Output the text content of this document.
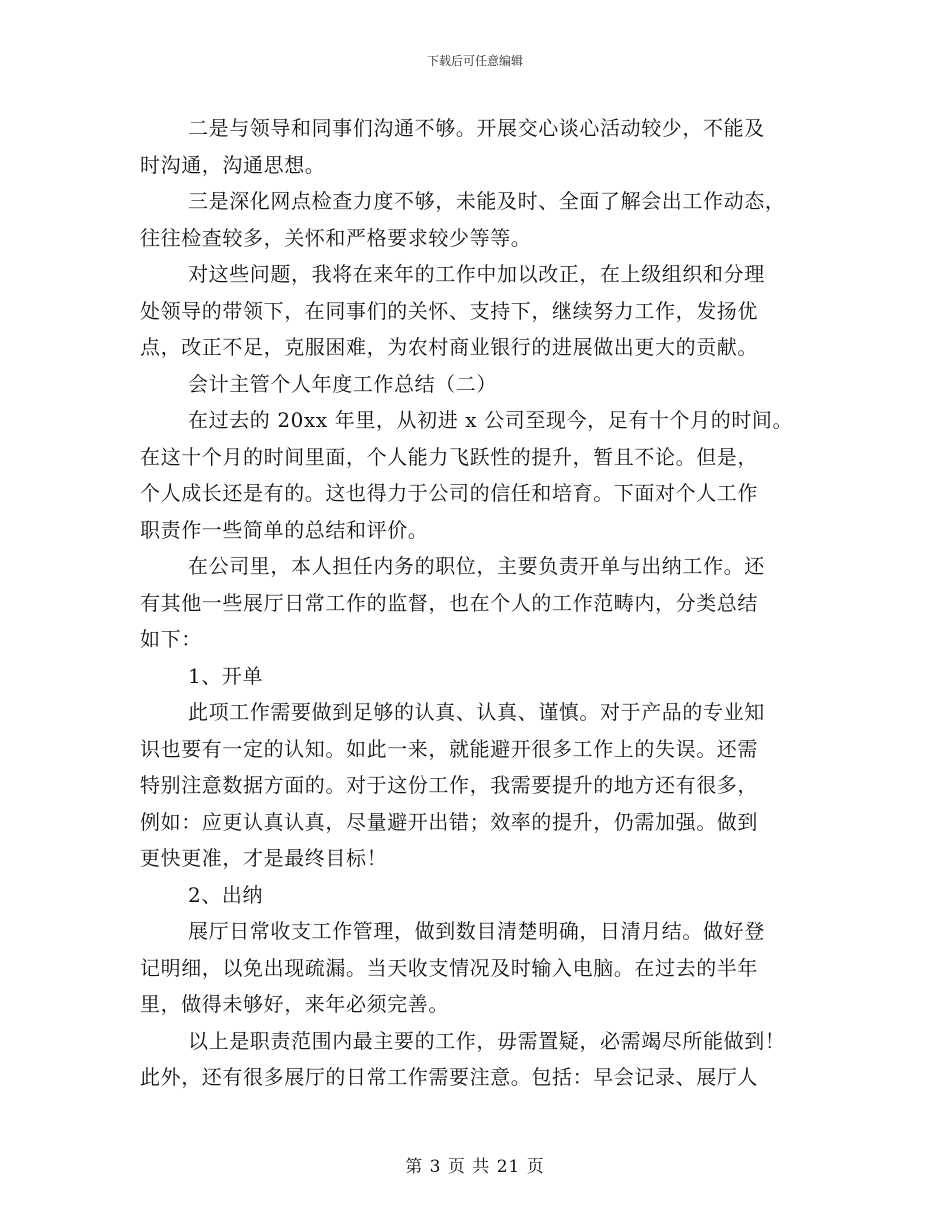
下载后可任意编辑
二是与领导和同事们沟通不够。开展交心谈心活动较少，不能及
时沟通，沟通思想。
三是深化网点检查力度不够，未能及时、全面了解会出工作动态，
往往检查较多，关怀和严格要求较少等等。
对这些问题，我将在来年的工作中加以改正，在上级组织和分理
处领导的带领下，在同事们的关怀、支持下，继续努力工作，发扬优
点，改正不足，克服困难，为农村商业银行的进展做出更大的贡献。
会计主管个人年度工作总结（二）
在过去的 20xx 年里，从初进 x 公司至现今，足有十个月的时间。
在这十个月的时间里面，个人能力飞跃性的提升，暂且不论。但是，
个人成长还是有的。这也得力于公司的信任和培育。下面对个人工作
职责作一些简单的总结和评价。
在公司里，本人担任内务的职位，主要负责开单与出纳工作。还
有其他一些展厅日常工作的监督，也在个人的工作范畴内，分类总结
如下：
1、开单
此项工作需要做到足够的认真、认真、谨慎。对于产品的专业知
识也要有一定的认知。如此一来，就能避开很多工作上的失误。还需
特别注意数据方面的。对于这份工作，我需要提升的地方还有很多，
例如：应更认真认真，尽量避开出错；效率的提升，仍需加强。做到
更快更准，才是最终目标！
2、出纳
展厅日常收支工作管理，做到数目清楚明确，日清月结。做好登
记明细，以免出现疏漏。当天收支情况及时输入电脑。在过去的半年
里，做得未够好，来年必须完善。
以上是职责范围内最主要的工作，毋需置疑，必需竭尽所能做到！
此外，还有很多展厅的日常工作需要注意。包括：早会记录、展厅人
第 3 页 共 21 页
